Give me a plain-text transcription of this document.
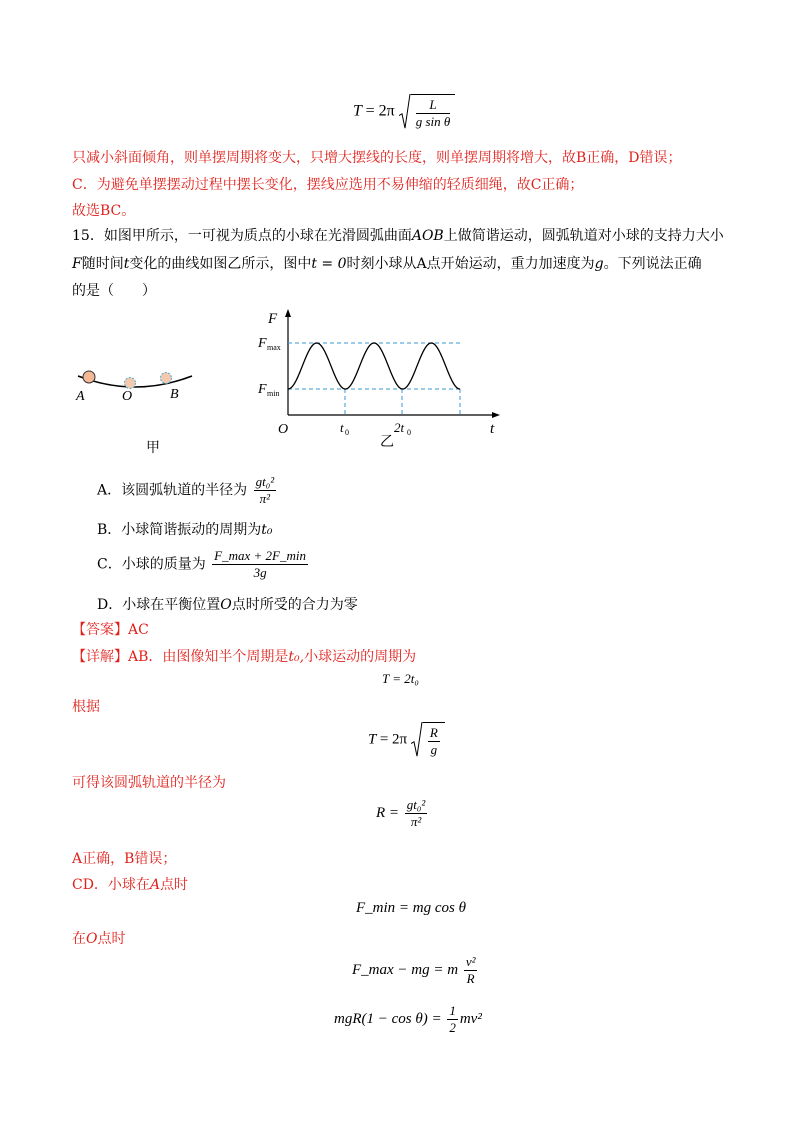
$T = 2\pi \frac{L}{\text{g sin θ}}$
只减小斜面倾角，则单摆周期将变大，只增大摆线的长度，则单摆周期将增大，故B正确，D错误；
C．为避免单摆摆动过程中摆长变化，摆线应选用不易伸缩的轻质细绳，故C正确；
故选BC。
15．如图甲所示，一可视为质点的小球在光滑圆弧曲面AOB上做简谐运动，圆弧轨道对小球的支持力大小
F随时间t变化的曲线如图乙所示，图中t = 0时刻小球从A点开始运动，重力加速度为g。下列说法正确
的是（　　）
A	O	B
甲
F
t
O
F max
F min
t 0	2t 0
乙
A．该圆弧轨道的半径为 $\frac{\text{gt₀²}}{\text{π²}}$
B．小球简谐振动的周期为t₀
C．小球的质量为 $\frac{F\_\max + 2F\_\min}{3g}$
D．小球在平衡位置O点时所受的合力为零
【答案】AC
【详解】AB．由图像知半个周期是t₀,小球运动的周期为
T = 2t₀
根据
$T = 2\pi \frac{R}{g}$
可得该圆弧轨道的半径为
$R = \frac{\text{gt₀²}}{\text{π²}}$
A正确，B错误；
CD．小球在A点时
F_min = mg cos θ
在O点时
F_max − mg = m $\frac{\text{v²}}{R}$
$mgR(1 - \cos \theta) = \frac{1}{2} mv^2$
